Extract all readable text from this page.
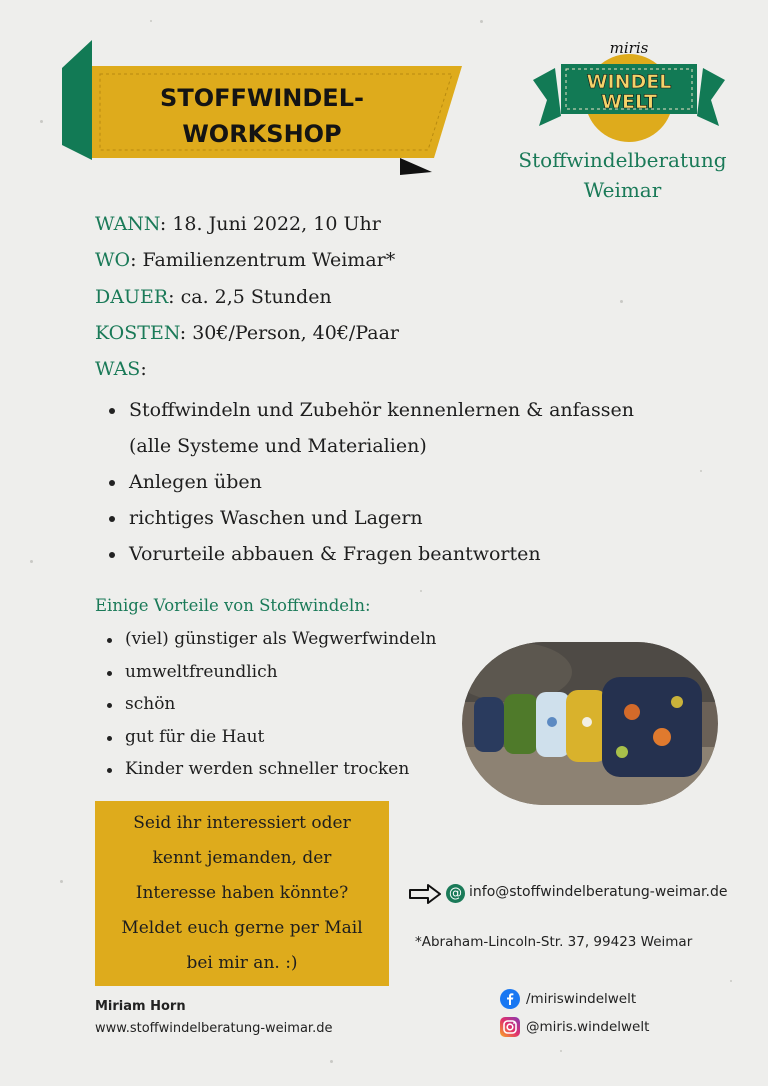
STOFFWINDEL-
WORKSHOP
miris
WINDEL
WELT
Stoffwindelberatung
Weimar
WANN: 18. Juni 2022, 10 Uhr
WO: Familienzentrum Weimar*
DAUER: ca. 2,5 Stunden
KOSTEN: 30€/Person, 40€/Paar
WAS:
Stoffwindeln und Zubehör kennenlernen & anfassen (alle Systeme und Materialien)
Anlegen üben
richtiges Waschen und Lagern
Vorurteile abbauen & Fragen beantworten
Einige Vorteile von Stoffwindeln:
(viel) günstiger als Wegwerfwindeln
umweltfreundlich
schön
gut für die Haut
Kinder werden schneller trocken
Seid ihr interessiert oder
kennt jemanden, der
Interesse haben könnte?
Meldet euch gerne per Mail
bei mir an. :)
@ info@stoffwindelberatung-weimar.de
*Abraham-Lincoln-Str. 37, 99423 Weimar
Miriam Horn
www.stoffwindelberatung-weimar.de
/miriswindelwelt
@miris.windelwelt
